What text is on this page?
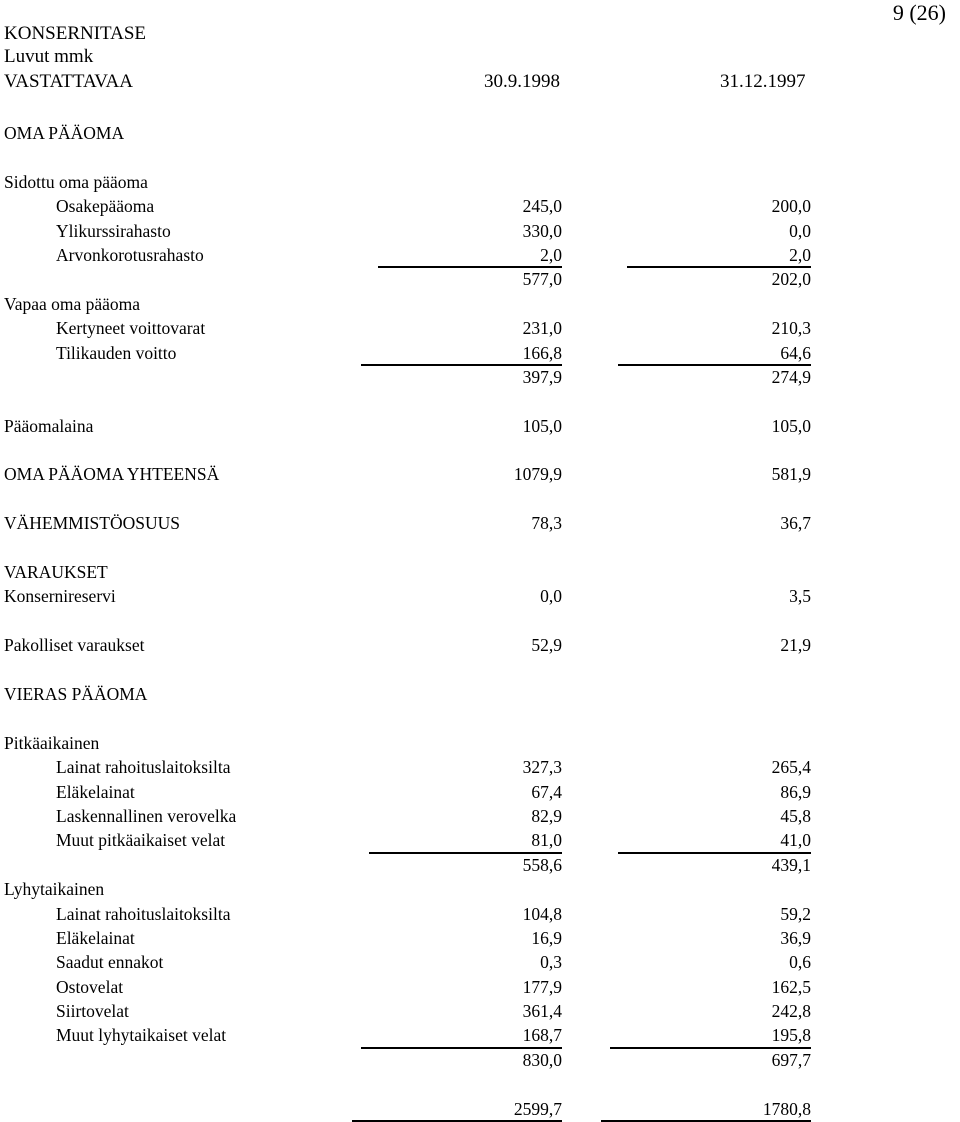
9 (26)
KONSERNITASE
Luvut mmk
VASTATTAVAA	30.9.1998	31.12.1997
OMA PÄÄOMA
Sidottu oma pääoma
Osakepääoma	245,0	200,0
Ylikurssirahasto	330,0	0,0
Arvonkorotusrahasto	2,0	2,0
577,0	202,0
Vapaa oma pääoma
Kertyneet voittovarat	231,0	210,3
Tilikauden voitto	166,8	64,6
397,9	274,9
Pääomalaina	105,0	105,0
OMA PÄÄOMA YHTEENSÄ	1079,9	581,9
VÄHEMMISTÖOSUUS	78,3	36,7
VARAUKSET
Konsernireservi	0,0	3,5
Pakolliset varaukset	52,9	21,9
VIERAS PÄÄOMA
Pitkäaikainen
Lainat rahoituslaitoksilta	327,3	265,4
Eläkelainat	67,4	86,9
Laskennallinen verovelka	82,9	45,8
Muut pitkäaikaiset velat	81,0	41,0
558,6	439,1
Lyhytaikainen
Lainat rahoituslaitoksilta	104,8	59,2
Eläkelainat	16,9	36,9
Saadut ennakot	0,3	0,6
Ostovelat	177,9	162,5
Siirtovelat	361,4	242,8
Muut lyhytaikaiset velat	168,7	195,8
830,0	697,7
2599,7	1780,8
